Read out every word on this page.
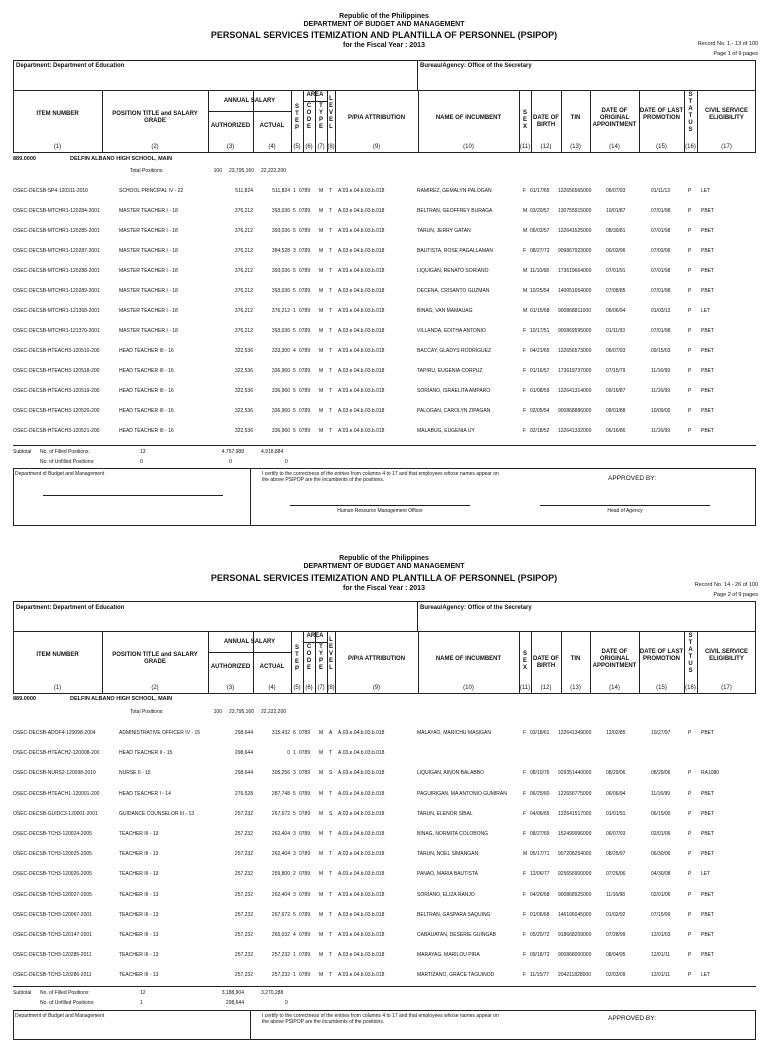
Republic of the Philippines
DEPARTMENT OF BUDGET AND MANAGEMENT
PERSONAL SERVICES ITEMIZATION AND PLANTILLA OF PERSONNEL (PSIPOP)
for the Fiscal Year : 2013	Record No. 1 - 13 of 100
Page 1 of 9 pages
Department: Department of Education	Bureau/Agency: Office of the Secretary
ITEM NUMBER	POSITION TITLE and SALARY GRADE
ANNUAL SALARY
AUTHORIZED	ACTUAL
S T E P
AREA
C O D E
T Y P E
L E V E L
P/P/A ATTRIBUTION	NAME OF INCUMBENT
S E X
DATE OF BIRTH
TIN
DATE OF ORIGINAL APPOINTMENT
DATE OF LAST PROMOTION
S T A T U S
CIVIL SERVICE ELIGIBILITY
(1)	(2)	(3)	(4)	(5) (6) (7) (8)	(9)	(10)	(11)	(12)	(13)	(14)	(15)	(16)	(17)
889.0000	DELFIN ALBANO HIGH SCHOOL, MAIN
Total Positions:	100	23,795,160 22,222,200
OSEC-DECSB-SP4-120311-2010	SCHOOL PRINCIPAL IV - 22	511,824	511,824 1 0789 M T A.03.e.04.b.03.b.018	RAMIREZ, GEMALYN PALOGAN	F 01/17/65 122656565000	06/07/93	01/11/13	P LET
OSEC-DECSB-MTCHR1-120284-2001	MASTER TEACHER I - 18	376,212	393,036 5 0789 M T A.03.e.04.b.03.b.018	BELTRAN, GEOFFREY BURAGA	M 03/20/57 130755915000	10/01/87	07/01/98	P PBET
OSEC-DECSB-MTCHR1-120285-2001	MASTER TEACHER I - 18	376,212	393,036 5 0789 M T A.03.e.04.b.03.b.018	TARUN, JERRY GATAN	M 06/03/57 122641525000	08/30/81	07/01/98	P PBET
OSEC-DECSB-MTCHR1-120287-2001	MASTER TEACHER I - 18	376,212	384,528 3 0789 M T A.03.e.04.b.03.b.018	BAUTISTA, ROSE PAGALLAMAN	F 08/27/73 909867923000	06/03/96	07/03/06	P PBET
OSEC-DECSB-MTCHR1-120288-2001	MASTER TEACHER I - 18	376,212	393,036 5 0789 M T A.03.e.04.b.03.b.018	LIQUIGAN, RENATO SORIANO	M 11/10/68 173619664000	07/01/91	07/01/98	P PBET
OSEC-DECSB-MTCHR1-120289-2001	MASTER TEACHER I - 18	376,212	393,036 5 0789 M T A.03.e.04.b.03.b.018	DECENA, CRISANTO GUZMAN	M 10/25/54 140051654000	07/08/85	07/01/98	P PBET
OSEC-DECSB-MTCHR1-121368-2001	MASTER TEACHER I - 18	376,212	376,212 1 0789 M T A.03.e.04.b.03.b.018	BINAG, VAN MAMAUAG	M 01/15/68 900868811000	06/06/94	01/03/13	P LET
OSEC-DECSB-MTCHR1-121370-2001	MASTER TEACHER I - 18	376,212	393,036 5 0789 M T A.03.e.04.b.03.b.018	VILLANDA, EDITHA ANTONIO	F 10/17/51 900869595000	01/11/93	07/01/98	P PBET
OSEC-DECSB-HTEACH3-120510-200	HEAD TEACHER III - 16	322,536	333,300 4 0789 M T A.03.e.04.b.03.b.018	BACCAY, GLADYS RODRIGUEZ	F 04/21/65 122656573000	06/07/93	09/15/03	P PBET
OSEC-DECSB-HTEACH3-120518-200	HEAD TEACHER III - 16	322,536	336,960 5 0789 M T A.03.e.04.b.03.b.018	TAPIRU, EUGENIA CORPUZ	F 01/16/57 173619737000	07/15/79	11/16/99	P PBET
OSEC-DECSB-HTEACH3-120519-200	HEAD TEACHER III - 16	322,536	336,960 5 0789 M T A.03.e.04.b.03.b.018	SORIANO, ISRAELITA AMPARO	F 01/08/59 122641314000	09/16/87	11/16/99	P PBET
OSEC-DECSB-HTEACH3-120520-200	HEAD TEACHER III - 16	322,536	336,960 5 0789 M T A.03.e.04.b.03.b.018	PALOGAN, CAROLYN ZIPAGAN	F 02/05/54 900868886000	08/01/88	10/09/00	P PBET
OSEC-DECSB-HTEACH3-120521-200	HEAD TEACHER III - 16	322,536	336,960 5 0789 M T A.03.e.04.b.03.b.018	MALABUG, EUGENIA UY	F 02/18/52 122641332000	06/16/86	11/16/99	P PBET
Subtotal No. of Filled Positions:	13	4,757,988	4,918,884
No. of Unfilled Positions:	0	0	0
Department of Budget and Management	I certify to the correctness of the entries from columns 4 to 17 and that employees whose names appear on the above PSIPOP are the incumbents of the positions.	APPROVED BY:
Human Resource Management Officer	Head of Agency
Republic of the Philippines
DEPARTMENT OF BUDGET AND MANAGEMENT
PERSONAL SERVICES ITEMIZATION AND PLANTILLA OF PERSONNEL (PSIPOP)
for the Fiscal Year : 2013	Record No. 14 - 26 of 100
Page 2 of 9 pages
Department: Department of Education	Bureau/Agency: Office of the Secretary
ITEM NUMBER	POSITION TITLE and SALARY GRADE
ANNUAL SALARY
AUTHORIZED	ACTUAL
S T E P
AREA
C O D E
T Y P E
L E V E L
P/P/A ATTRIBUTION	NAME OF INCUMBENT
S E X
DATE OF BIRTH
TIN
DATE OF ORIGINAL APPOINTMENT
DATE OF LAST PROMOTION
S T A T U S
CIVIL SERVICE ELIGIBILITY
(1)	(2)	(3)	(4)	(5) (6) (7) (8)	(9)	(10)	(11)	(12)	(13)	(14)	(15)	(16)	(17)
889.0000	DELFIN ALBANO HIGH SCHOOL, MAIN
Total Positions:	100	23,795,160 22,222,200
OSEC-DECSB-ADOF4-120098-2004	ADMINISTRATIVE OFFICER IV - 15	298,644	315,432 6 0789 M A A.03.e.04.b.03.b.018	MALAYAO, MARICHU MASIGAN	F 03/18/61 122641349000	12/02/85	10/27/97	P PBET
OSEC-DECSB-HTEACH2-120008-200	HEAD TEACHER II - 15	298,644	0 1 0789 M T A.03.e.04.b.03.b.018
OSEC-DECSB-NURS2-120098-2010	NURSE II - 15	298,644	305,256 3 0789 M S A.03.e.04.b.03.b.018	LIQUIGAN, AINON BALABBO	F 08/10/76 929351440000	08/29/06	08/29/06	P RA1080
OSEC-DECSB-HTEACH1-120001-200	HEAD TEACHER I - 14	276,528	287,748 5 0789 M T A.03.e.04.b.03.b.018	PAGUIRIGAN, MA ANTONIO GUMIRAN	F 06/25/60 122656775000	06/06/94	11/16/99	P PBET
OSEC-DECSB-GUIDC3-120001-2001	GUIDANCE COUNSELOR III - 13	257,232	267,672 5 0789 M S A.03.e.04.b.03.b.018	TARUN, ELENOR SIBAL	F 04/06/65 122641517000	01/01/91	06/15/00	P PBET
OSEC-DECSB-TCH3-120024-2005	TEACHER III - 13	257,232	262,404 3 0789 M T A.03.e.04.b.03.b.018	BINAG, NORMITA COLOBONG	F 08/27/69 152499996000	06/07/93	02/01/06	P PBET
OSEC-DECSB-TCH3-120025-2005	TEACHER III - 13	257,232	262,404 3 0789 M T A.03.e.04.b.03.b.018	TARUN, NOEL SIMANGAN	M 05/17/71 907208254000	08/25/97	06/30/06	P PBET
OSEC-DECSB-TCH3-120026-2005	TEACHER III - 13	257,232	259,800 2 0789 M T A.03.e.04.b.03.b.018	PANAO, MARIA BAUTISTA	F 12/06/77 925656900000	07/26/06	04/30/08	P LET
OSEC-DECSB-TCH3-120027-2005	TEACHER III - 13	257,232	262,404 3 0789 M T A.03.e.04.b.03.b.018	SORIANO, ELIZA RANJO	F 04/26/68 900868925000	11/16/98	02/01/06	P PBET
OSEC-DECSB-TCH3-120067-2001	TEACHER III - 13	257,232	267,672 5 0789 M T A.03.e.04.b.03.b.018	BELTRAN, GASPARA SAQUING	F 01/06/68 146106045000	01/02/92	07/15/99	P PBET
OSEC-DECSB-TCH3-120147-2001	TEACHER III - 13	257,232	265,032 4 0789 M T A.03.e.04.b.03.b.018	CABAUATAN, DESERIE GUINGAB	F 05/20/72 918668209000	07/28/99	12/01/03	P PBET
OSEC-DECSB-TCH3-120285-2011	TEACHER III - 13	257,232	257,232 1 0789 M T A.03.e.04.b.03.b.018	MARAYAG, MARILOU PIRA	F 09/18/73 900868000000	08/04/95	12/01/11	P PBET
OSEC-DECSB-TCH3-120286-2011	TEACHER III - 13	257,232	257,232 1 0789 M T A.03.e.04.b.03.b.018	MARTIZANO, GRACE TAGUINOD	F 11/15/77 204211828000	02/03/09	12/01/11	P LET
Subtotal No. of Filled Positions:	12	3,188,904	3,270,288
No. of Unfilled Positions:	1	298,644	0
Department of Budget and Management	I certify to the correctness of the entries from columns 4 to 17 and that employees whose names appear on the above PSIPOP are the incumbents of the positions.	APPROVED BY:
